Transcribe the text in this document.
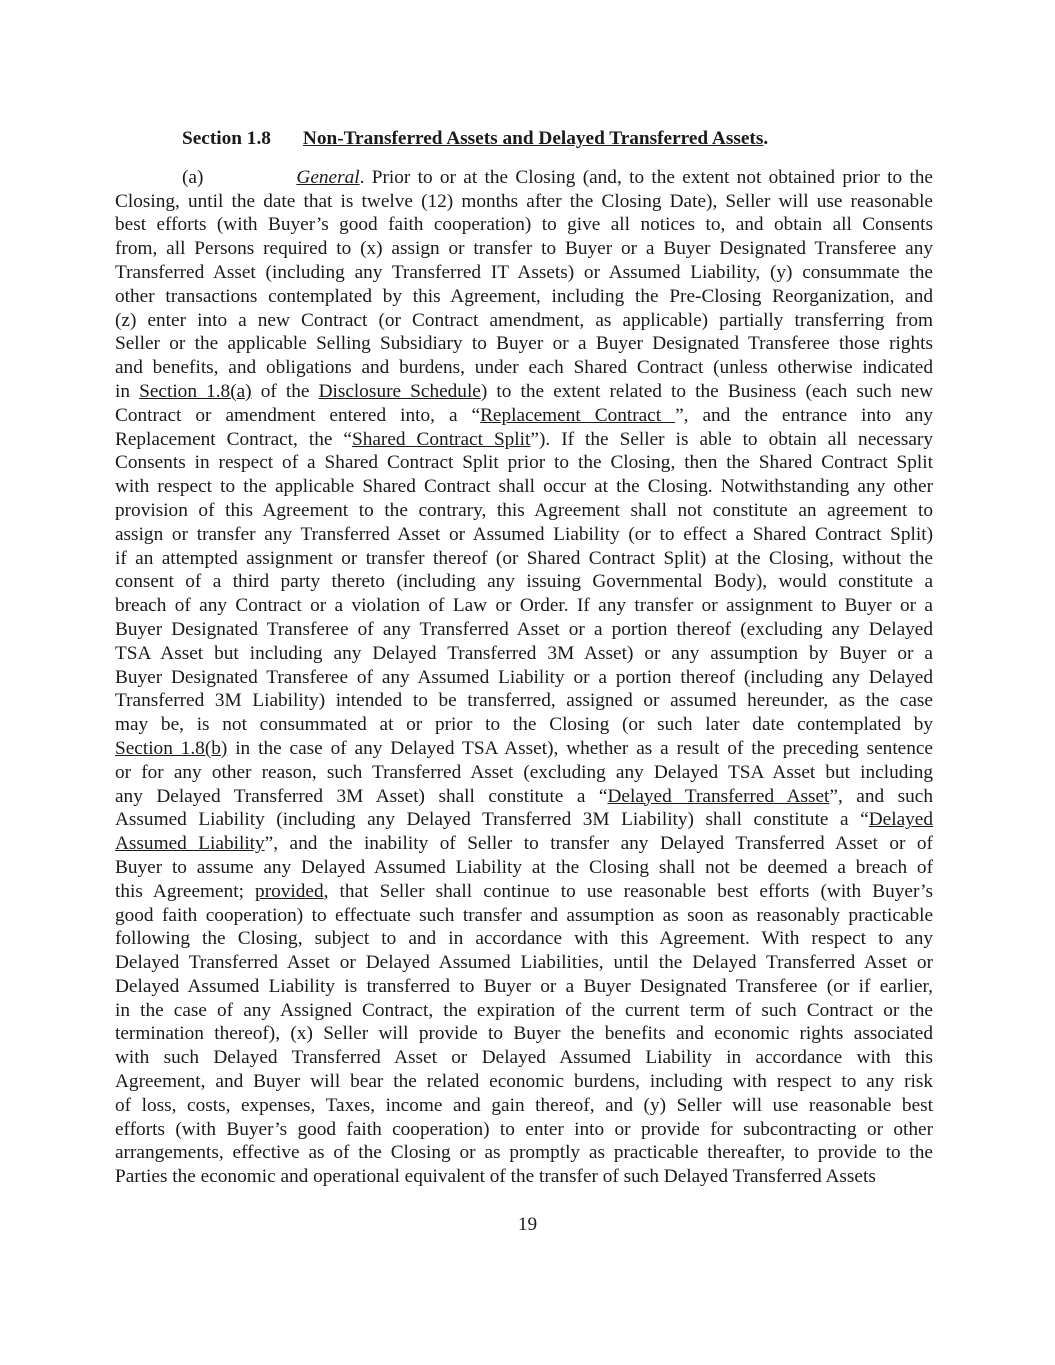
Section 1.8 Non-Transferred Assets and Delayed Transferred Assets.
(a)	General. Prior to or at the Closing (and, to the extent not obtained prior to the
Closing, until the date that is twelve (12) months after the Closing Date), Seller will use reasonable
best efforts (with Buyer’s good faith cooperation) to give all notices to, and obtain all Consents
from, all Persons required to (x) assign or transfer to Buyer or a Buyer Designated Transferee any
Transferred Asset (including any Transferred IT Assets) or Assumed Liability, (y) consummate the
other transactions contemplated by this Agreement, including the Pre-Closing Reorganization, and
(z) enter into a new Contract (or Contract amendment, as applicable) partially transferring from
Seller or the applicable Selling Subsidiary to Buyer or a Buyer Designated Transferee those rights
and benefits, and obligations and burdens, under each Shared Contract (unless otherwise indicated
in Section 1.8(a) of the Disclosure Schedule) to the extent related to the Business (each such new
Contract or amendment entered into, a “Replacement Contract ”, and the entrance into any
Replacement Contract, the “Shared Contract Split”). If the Seller is able to obtain all necessary
Consents in respect of a Shared Contract Split prior to the Closing, then the Shared Contract Split
with respect to the applicable Shared Contract shall occur at the Closing. Notwithstanding any other
provision of this Agreement to the contrary, this Agreement shall not constitute an agreement to
assign or transfer any Transferred Asset or Assumed Liability (or to effect a Shared Contract Split)
if an attempted assignment or transfer thereof (or Shared Contract Split) at the Closing, without the
consent of a third party thereto (including any issuing Governmental Body), would constitute a
breach of any Contract or a violation of Law or Order. If any transfer or assignment to Buyer or a
Buyer Designated Transferee of any Transferred Asset or a portion thereof (excluding any Delayed
TSA Asset but including any Delayed Transferred 3M Asset) or any assumption by Buyer or a
Buyer Designated Transferee of any Assumed Liability or a portion thereof (including any Delayed
Transferred 3M Liability) intended to be transferred, assigned or assumed hereunder, as the case
may be, is not consummated at or prior to the Closing (or such later date contemplated by
Section 1.8(b) in the case of any Delayed TSA Asset), whether as a result of the preceding sentence
or for any other reason, such Transferred Asset (excluding any Delayed TSA Asset but including
any Delayed Transferred 3M Asset) shall constitute a “Delayed Transferred Asset”, and such
Assumed Liability (including any Delayed Transferred 3M Liability) shall constitute a “Delayed
Assumed Liability”, and the inability of Seller to transfer any Delayed Transferred Asset or of
Buyer to assume any Delayed Assumed Liability at the Closing shall not be deemed a breach of
this Agreement; provided, that Seller shall continue to use reasonable best efforts (with Buyer’s
good faith cooperation) to effectuate such transfer and assumption as soon as reasonably practicable
following the Closing, subject to and in accordance with this Agreement. With respect to any
Delayed Transferred Asset or Delayed Assumed Liabilities, until the Delayed Transferred Asset or
Delayed Assumed Liability is transferred to Buyer or a Buyer Designated Transferee (or if earlier,
in the case of any Assigned Contract, the expiration of the current term of such Contract or the
termination thereof), (x) Seller will provide to Buyer the benefits and economic rights associated
with such Delayed Transferred Asset or Delayed Assumed Liability in accordance with this
Agreement, and Buyer will bear the related economic burdens, including with respect to any risk
of loss, costs, expenses, Taxes, income and gain thereof, and (y) Seller will use reasonable best
efforts (with Buyer’s good faith cooperation) to enter into or provide for subcontracting or other
arrangements, effective as of the Closing or as promptly as practicable thereafter, to provide to the
Parties the economic and operational equivalent of the transfer of such Delayed Transferred Assets
19
